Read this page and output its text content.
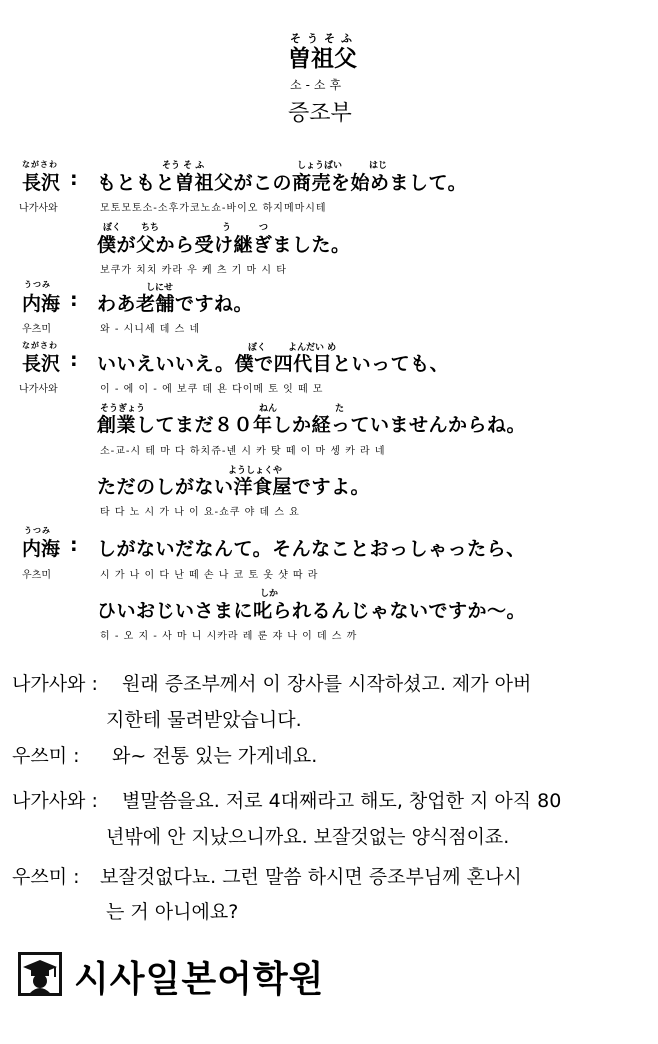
そうそふ
曽祖父
소-소후
증조부
ながさわ
長沢 :
나가사와
そう そ ふ	しょうばい	はじ
もともと曽祖父がこの商売を始めまして。
모토모토소-소후가코노쇼-바이오 하지메마시테
ぼく ちち	う	つ
僕が父から受け継ぎました。
보쿠가 치치 카라 우 케 츠 기 마 시 타
うつみ
内海 :
우츠미
しにせ
わあ老舗ですね。
와 - 시니세 데 스 네
ながさわ
長沢 :
나가사와
ぼく よんだい め
いいえいいえ。僕で四代目といっても、
이 - 에 이 - 에 보쿠 데 욘 다이메 토 잇 떼 모
そうぎょう	ねん	た
創業してまだ８０年しか経っていませんからね。
소-교-시 테 마 다 하치쥬-넨 시 카 탓 떼 이 마 셍 카 라 네
ようしょくや
ただのしがない洋食屋ですよ。
타 다 노 시 가 나 이 요-쇼쿠 야 데 스 요
うつみ
内海 :
우츠미
しがないだなんて。そんなことおっしゃったら、
시 가 나 이 다 난 떼 손 나 코 토 옷 샷 따 라
しか
ひいおじいさまに叱られるんじゃないですか～。
히 - 오 지 - 사 마 니 시카라 레 룬 쟈 나 이 데 스 까
나가사와 : 원래 증조부께서 이 장사를 시작하셨고. 제가 아버
지한테 물려받았습니다.
우쓰미 : 와~ 전통 있는 가게네요.
나가사와 : 별말씀을요. 저로 4대째라고 해도, 창업한 지 아직 80
년밖에 안 지났으니까요. 보잘것없는 양식점이죠.
우쓰미 : 보잘것없다뇨. 그런 말씀 하시면 증조부님께 혼나시
는 거 아니에요?
시사일본어학원
